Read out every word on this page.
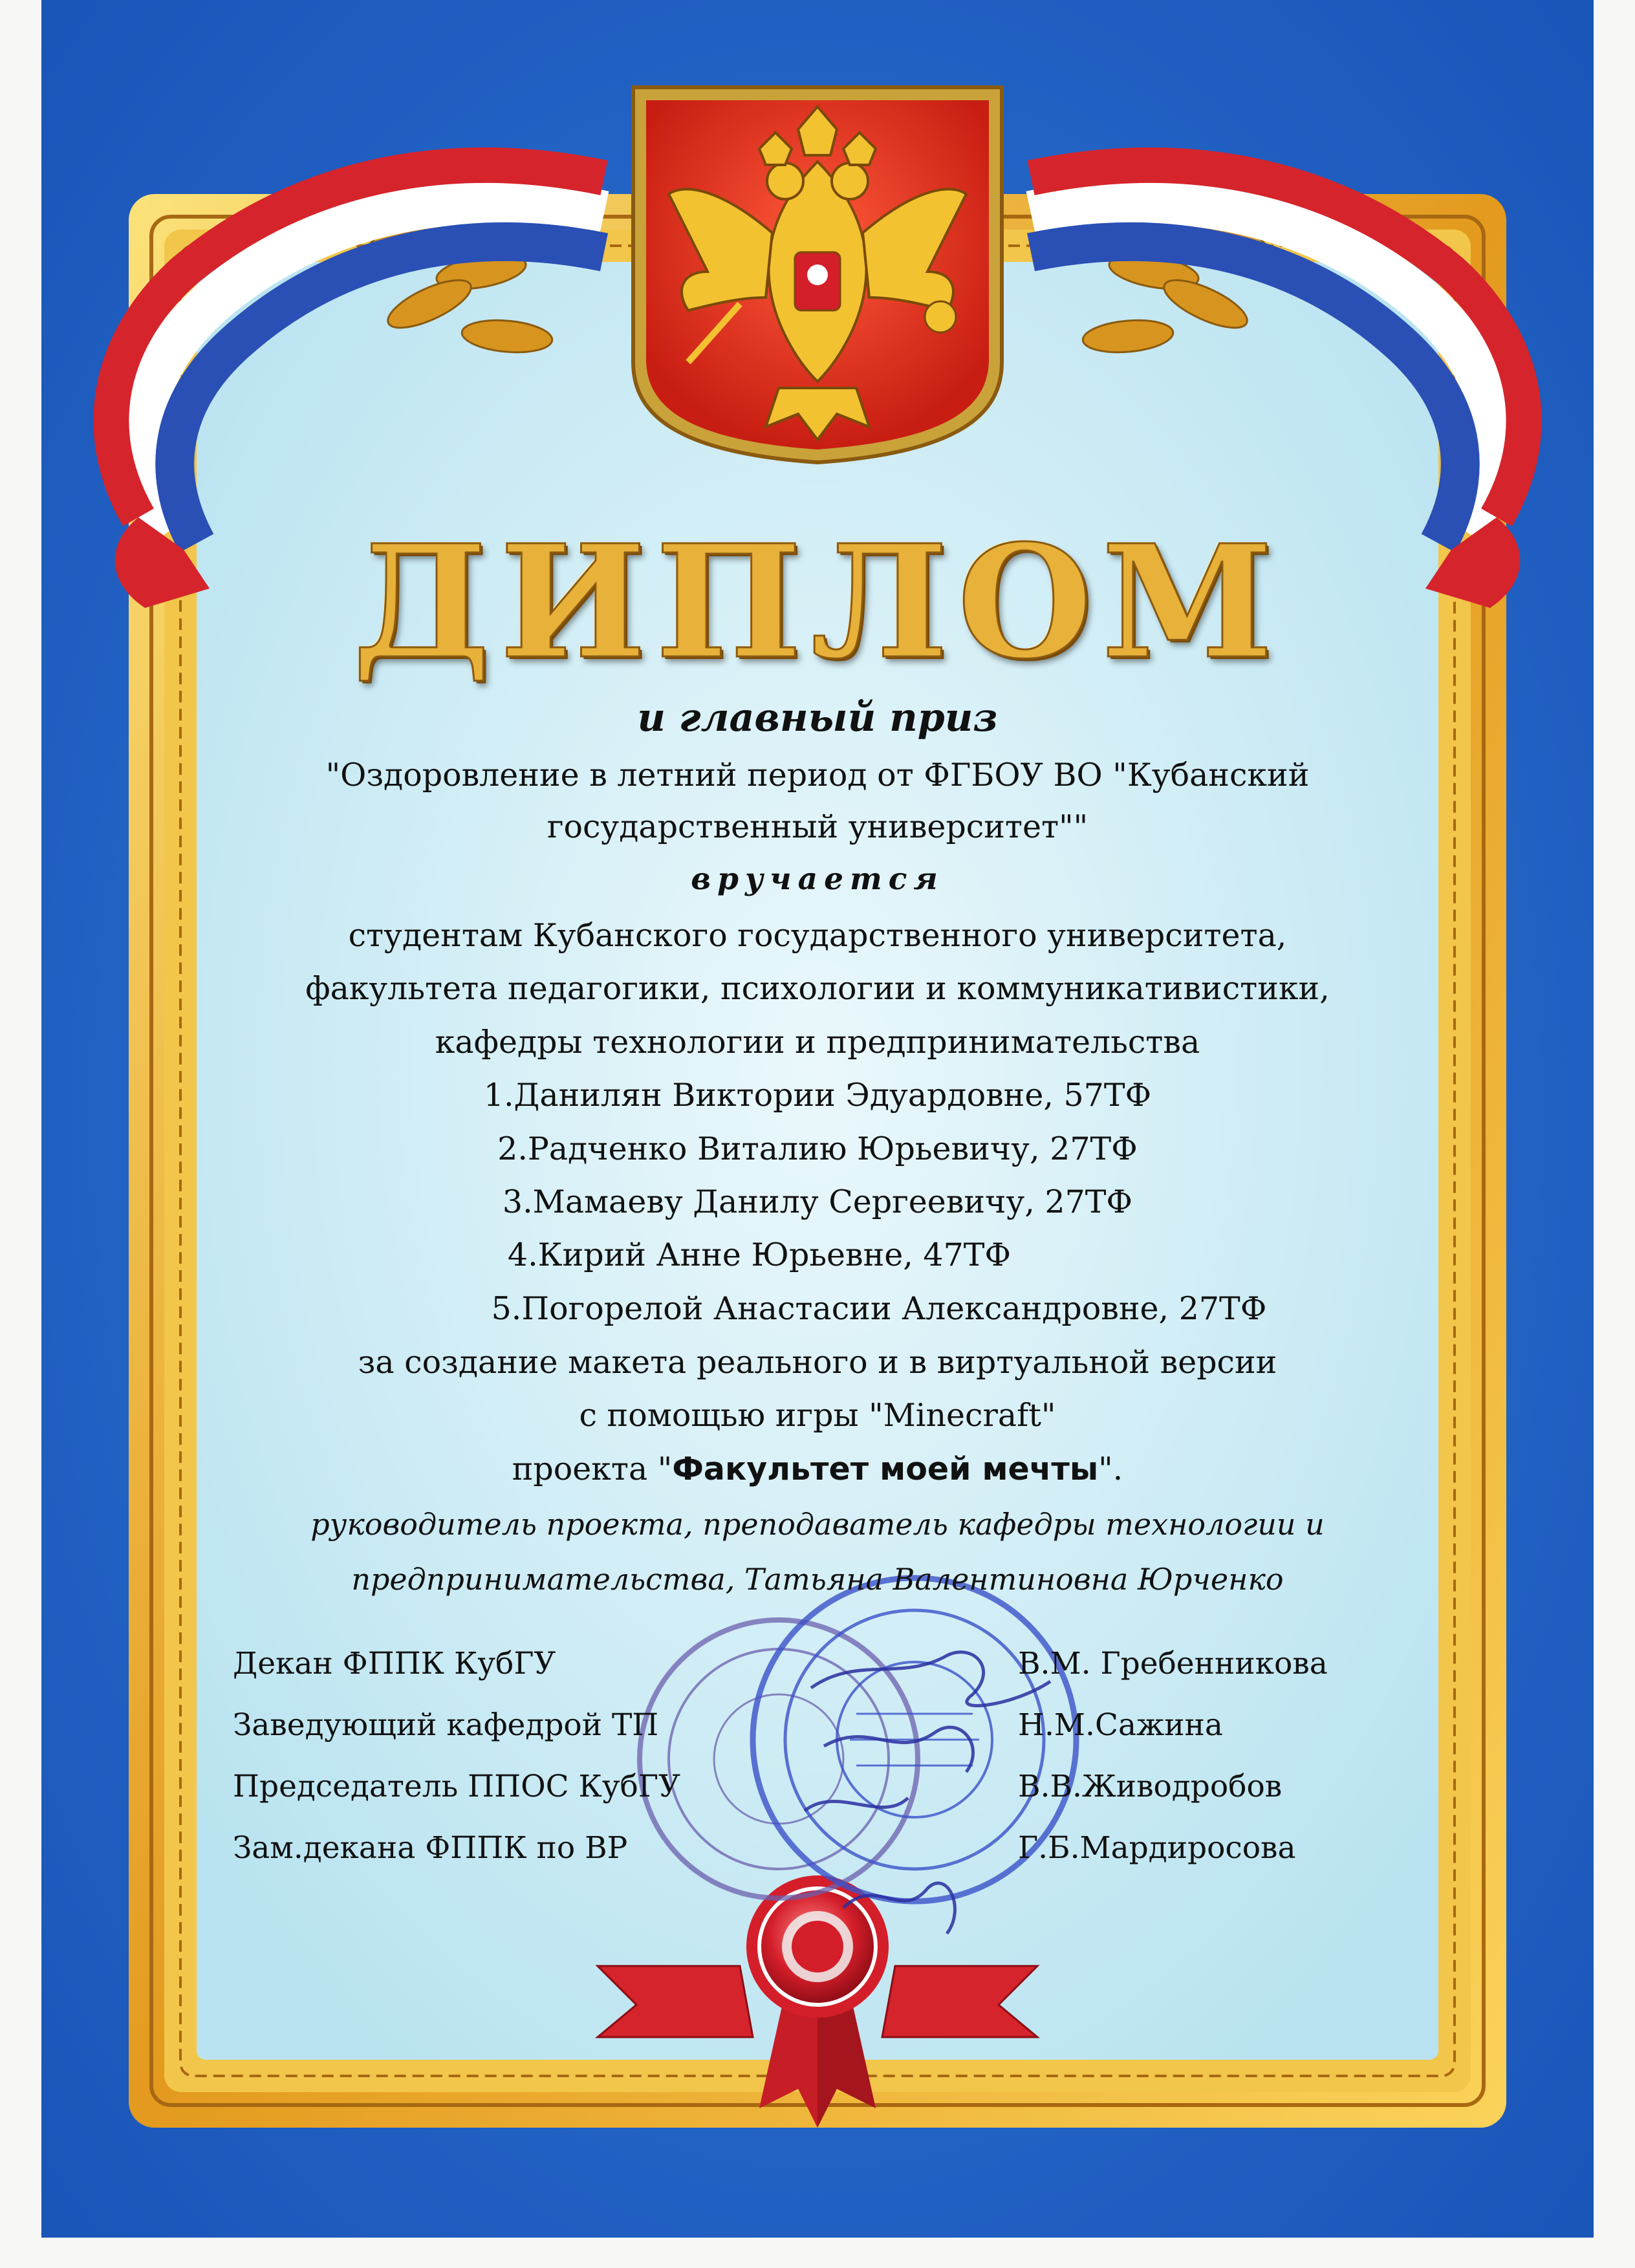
ДИПЛОМ
и главный приз
"Оздоровление в летний период от ФГБОУ ВО "Кубанский
государственный университет""
вручается
студентам Кубанского государственного университета,
факультета педагогики, психологии и коммуникативистики,
кафедры технологии и предпринимательства
1.Данилян Виктории Эдуардовне, 57ТФ
2.Радченко Виталию Юрьевичу, 27ТФ
3.Мамаеву Данилу Сергеевичу, 27ТФ
4.Кирий Анне Юрьевне, 47ТФ
5.Погорелой Анастасии Александровне, 27ТФ
за создание макета реального и в виртуальной версии
с помощью игры "Minecraft"
проекта "Факультет моей мечты".
руководитель проекта, преподаватель кафедры технологии и
предпринимательства, Татьяна Валентиновна Юрченко
Декан ФППК КубГУ	В.М. Гребенникова
Заведующий кафедрой ТП	Н.М.Сажина
Председатель ППОС КубГУ	В.В.Живодробов
Зам.декана ФППК по ВР	Г.Б.Мардиросова
